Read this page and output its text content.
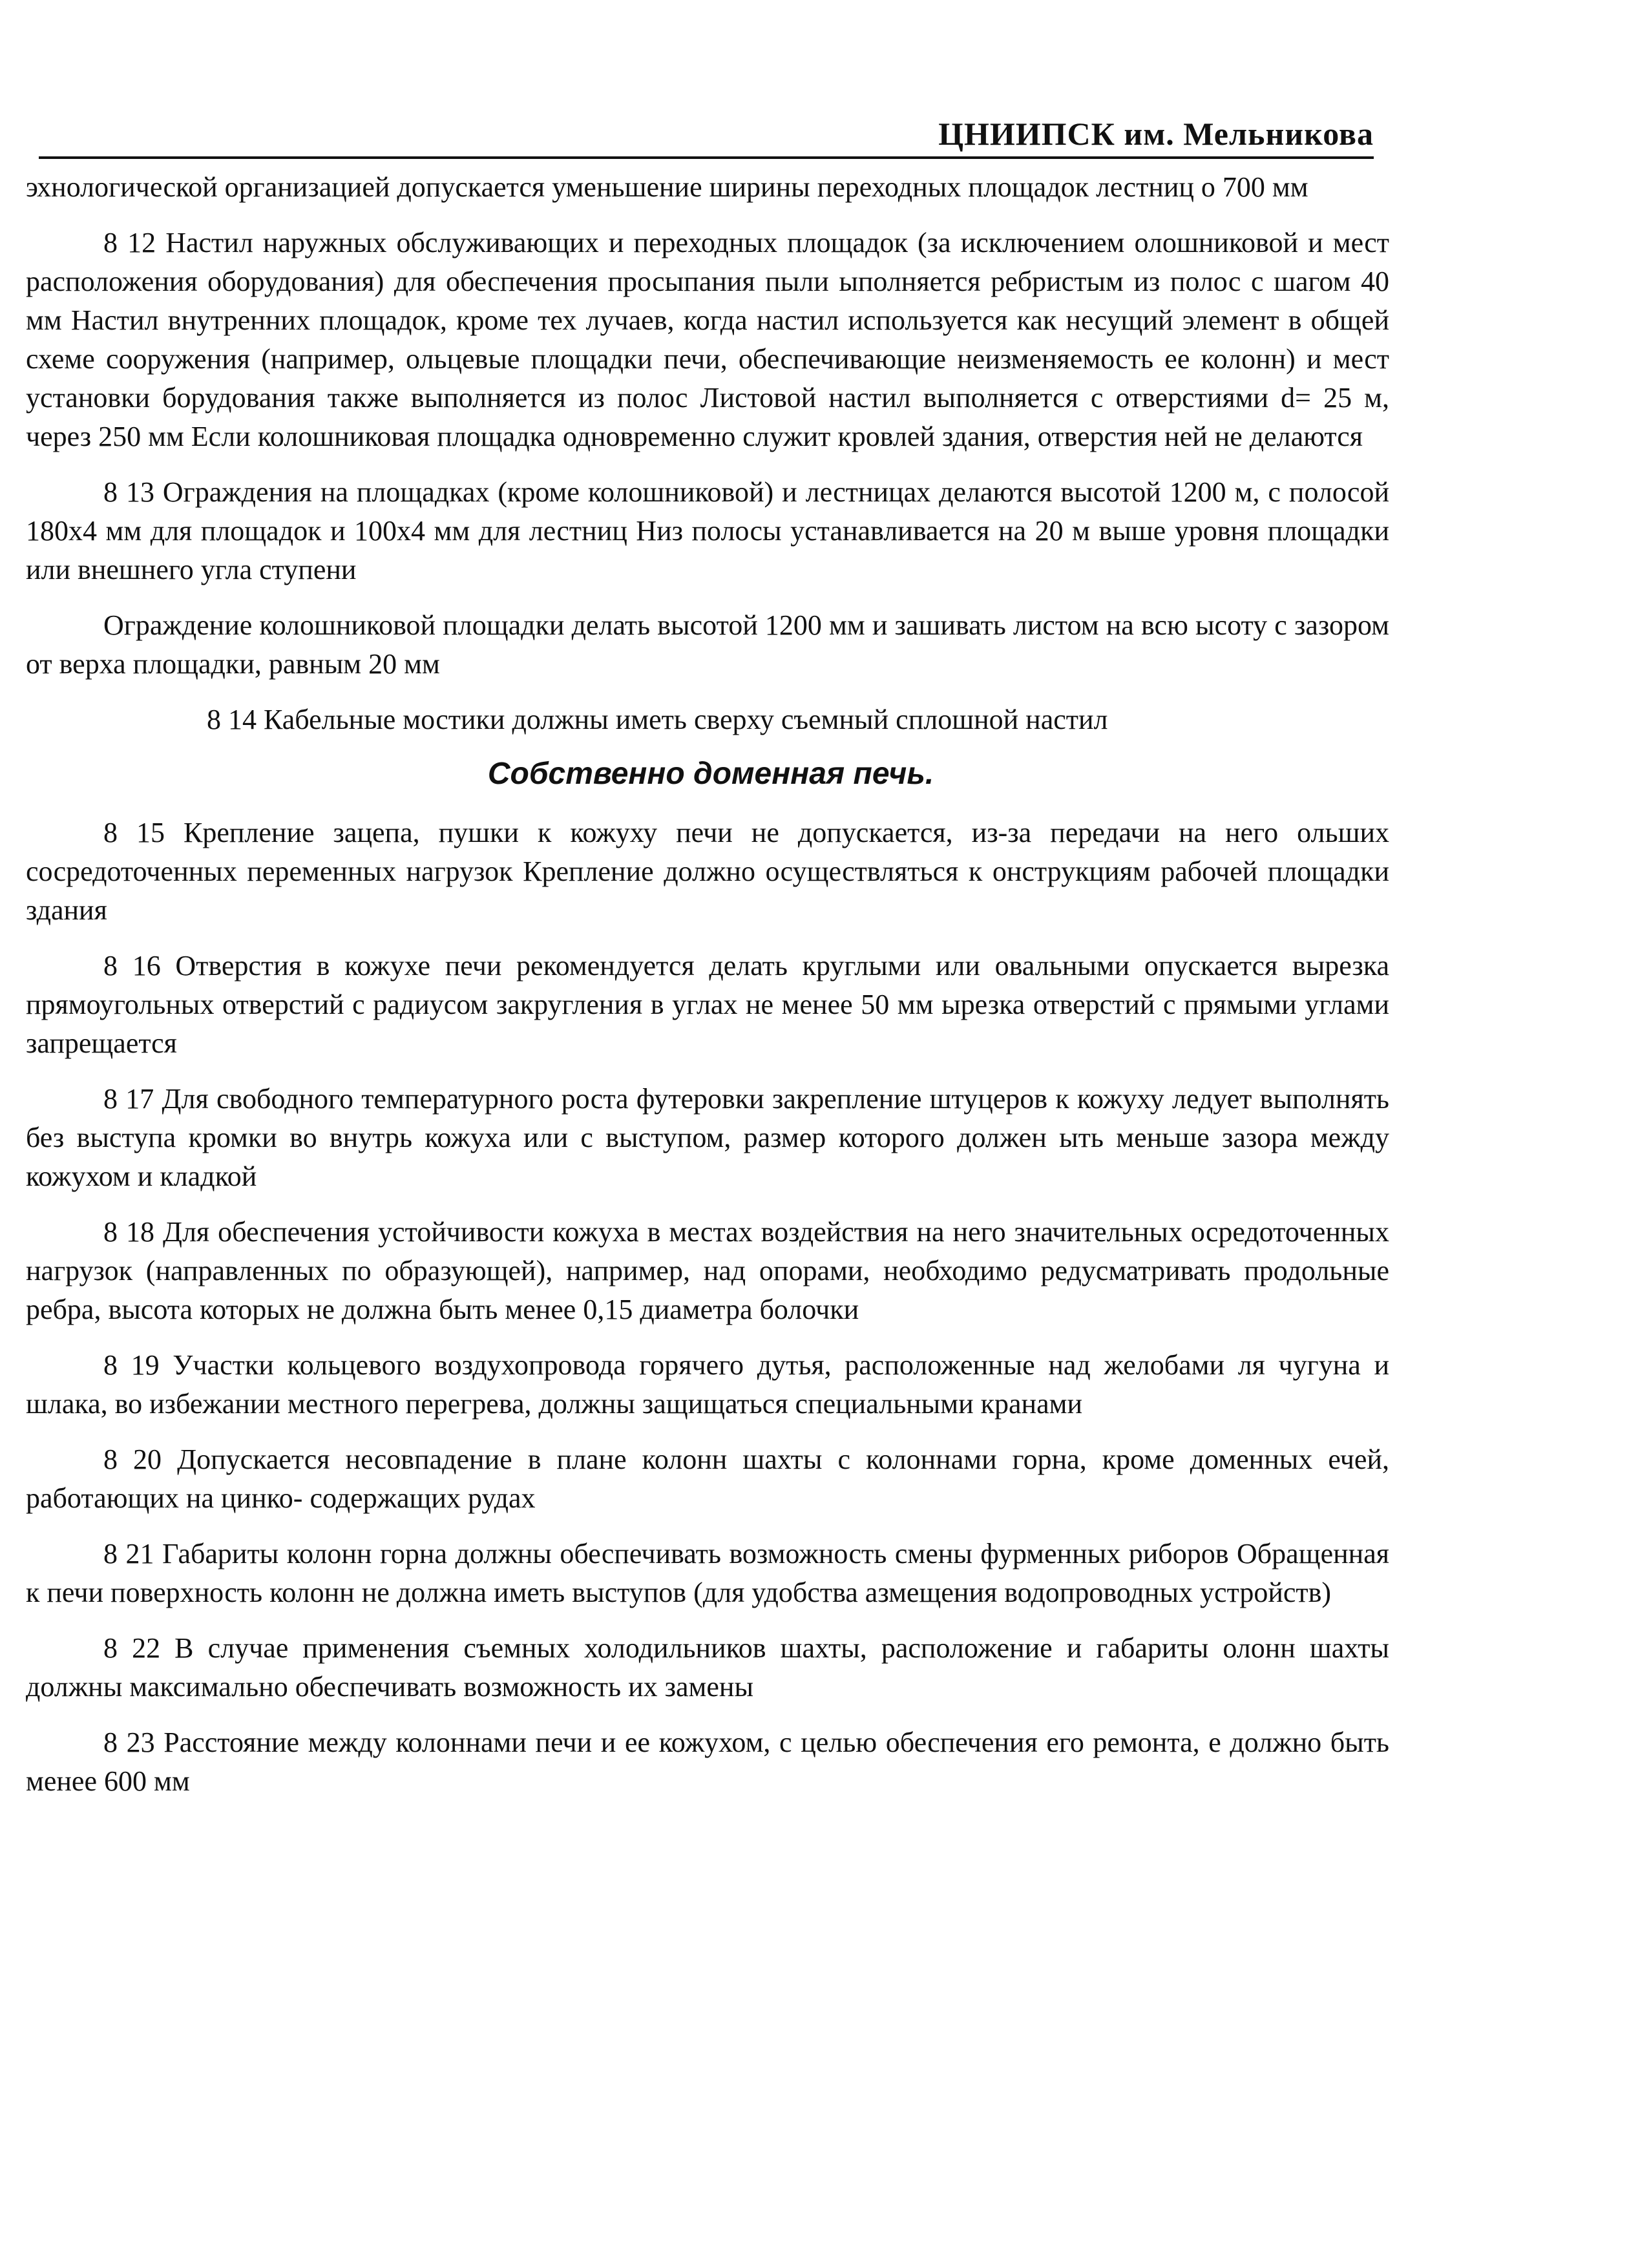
ЦНИИПСК им. Мельникова

эхнологической организацией допускается уменьшение ширины переходных площадок лестниц о 700 мм

8 12 Настил наружных обслуживающих и переходных площадок (за исключением олошниковой и мест расположения оборудования) для обеспечения просыпания пыли ыполняется ребристым из полос с шагом 40 мм Настил внутренних площадок, кроме тех лучаев, когда настил используется как несущий элемент в общей схеме сооружения (например, ольцевые площадки печи, обеспечивающие неизменяемость ее колонн) и мест установки борудования также выполняется из полос Листовой настил выполняется с отверстиями d= 25 м, через 250 мм Если колошниковая площадка одновременно служит кровлей здания, отверстия ней не делаются

8 13 Ограждения на площадках (кроме колошниковой) и лестницах делаются высотой 1200 м, с полосой 180х4 мм для площадок и 100х4 мм для лестниц Низ полосы устанавливается на 20 м выше уровня площадки или внешнего угла ступени

Ограждение колошниковой площадки делать высотой 1200 мм и зашивать листом на всю ысоту с зазором от верха площадки, равным 20 мм

8 14 Кабельные мостики должны иметь сверху съемный сплошной настил

Собственно доменная печь.

8 15 Крепление зацепа, пушки к кожуху печи не допускается, из-за передачи на него ольших сосредоточенных переменных нагрузок Крепление должно осуществляться к онструкциям рабочей площадки здания

8 16 Отверстия в кожухе печи рекомендуется делать круглыми или овальными опускается вырезка прямоугольных отверстий с радиусом закругления в углах не менее 50 мм ырезка отверстий с прямыми углами запрещается

8 17 Для свободного температурного роста футеровки закрепление штуцеров к кожуху ледует выполнять без выступа кромки во внутрь кожуха или с выступом, размер которого должен ыть меньше зазора между кожухом и кладкой

8 18 Для обеспечения устойчивости кожуха в местах воздействия на него значительных осредоточенных нагрузок (направленных по образующей), например, над опорами, необходимо редусматривать продольные ребра, высота которых не должна быть менее 0,15 диаметра болочки

8 19 Участки кольцевого воздухопровода горячего дутья, расположенные над желобами ля чугуна и шлака, во избежании местного перегрева, должны защищаться специальными кранами

8 20 Допускается несовпадение в плане колонн шахты с колоннами горна, кроме доменных ечей, работающих на цинко- содержащих рудах

8 21 Габариты колонн горна должны обеспечивать возможность смены фурменных риборов Обращенная к печи поверхность колонн не должна иметь выступов (для удобства азмещения водопроводных устройств)

8 22 В случае применения съемных холодильников шахты, расположение и габариты олонн шахты должны максимально обеспечивать возможность их замены

8 23 Расстояние между колоннами печи и ее кожухом, с целью обеспечения его ремонта, е должно быть менее 600 мм
